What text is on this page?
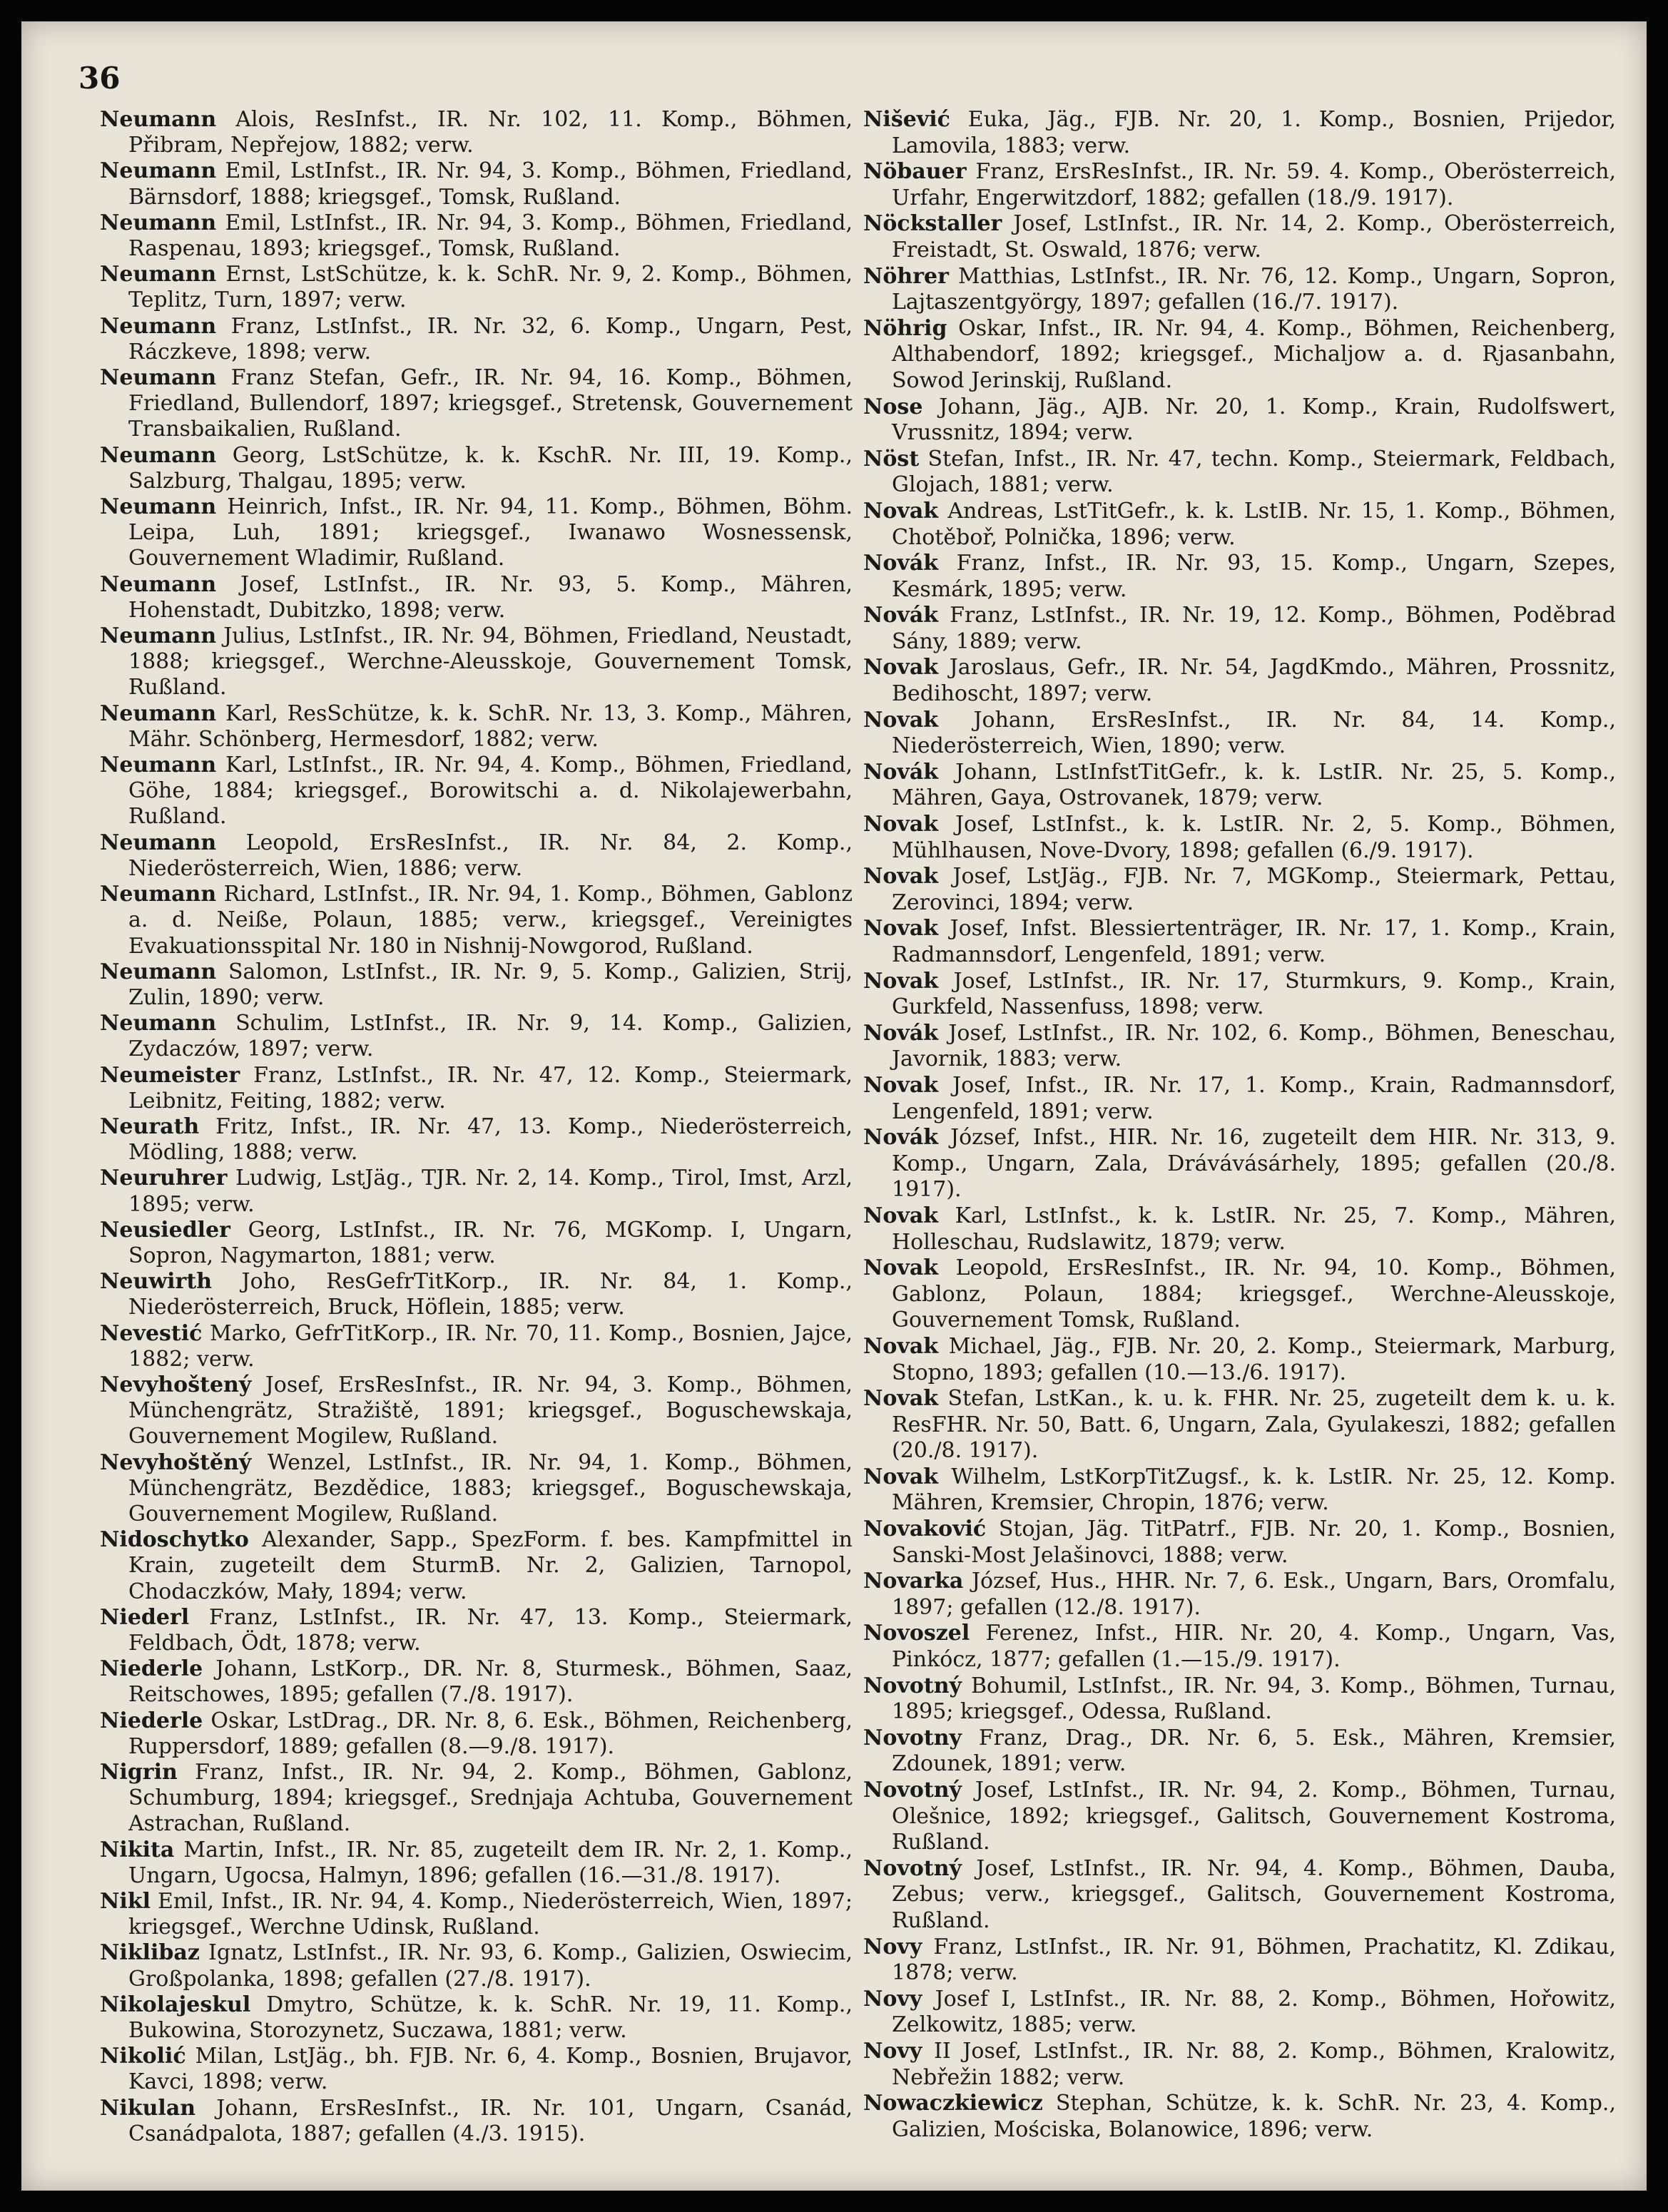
36

Neumann Alois, ResInfst., IR. Nr. 102, 11. Komp., Böhmen, Přibram, Nepřejow, 1882; verw.

Neumann Emil, LstInfst., IR. Nr. 94, 3. Komp., Böhmen, Friedland, Bärnsdorf, 1888; kriegsgef., Tomsk, Rußland.

Neumann Emil, LstInfst., IR. Nr. 94, 3. Komp., Böhmen, Friedland, Raspenau, 1893; kriegsgef., Tomsk, Rußland.

Neumann Ernst, LstSchütze, k. k. SchR. Nr. 9, 2. Komp., Böhmen, Teplitz, Turn, 1897; verw.

Neumann Franz, LstInfst., IR. Nr. 32, 6. Komp., Ungarn, Pest, Ráczkeve, 1898; verw.

Neumann Franz Stefan, Gefr., IR. Nr. 94, 16. Komp., Böhmen, Friedland, Bullendorf, 1897; kriegsgef., Stretensk, Gouvernement Transbaikalien, Rußland.

Neumann Georg, LstSchütze, k. k. KschR. Nr. III, 19. Komp., Salzburg, Thalgau, 1895; verw.

Neumann Heinrich, Infst., IR. Nr. 94, 11. Komp., Böhmen, Böhm. Leipa, Luh, 1891; kriegsgef., Iwanawo Wosnessensk, Gouvernement Wladimir, Rußland.

Neumann Josef, LstInfst., IR. Nr. 93, 5. Komp., Mähren, Hohenstadt, Dubitzko, 1898; verw.

Neumann Julius, LstInfst., IR. Nr. 94, Böhmen, Friedland, Neustadt, 1888; kriegsgef., Werchne-Aleusskoje, Gouvernement Tomsk, Rußland.

Neumann Karl, ResSchütze, k. k. SchR. Nr. 13, 3. Komp., Mähren, Mähr. Schönberg, Hermesdorf, 1882; verw.

Neumann Karl, LstInfst., IR. Nr. 94, 4. Komp., Böhmen, Friedland, Göhe, 1884; kriegsgef., Borowitschi a. d. Nikolajewerbahn, Rußland.

Neumann Leopold, ErsResInfst., IR. Nr. 84, 2. Komp., Niederösterreich, Wien, 1886; verw.

Neumann Richard, LstInfst., IR. Nr. 94, 1. Komp., Böhmen, Gablonz a. d. Neiße, Polaun, 1885; verw., kriegsgef., Vereinigtes Evakuationsspital Nr. 180 in Nishnij-Nowgorod, Rußland.

Neumann Salomon, LstInfst., IR. Nr. 9, 5. Komp., Galizien, Strij, Zulin, 1890; verw.

Neumann Schulim, LstInfst., IR. Nr. 9, 14. Komp., Galizien, Zydaczów, 1897; verw.

Neumeister Franz, LstInfst., IR. Nr. 47, 12. Komp., Steiermark, Leibnitz, Feiting, 1882; verw.

Neurath Fritz, Infst., IR. Nr. 47, 13. Komp., Niederösterreich, Mödling, 1888; verw.

Neuruhrer Ludwig, LstJäg., TJR. Nr. 2, 14. Komp., Tirol, Imst, Arzl, 1895; verw.

Neusiedler Georg, LstInfst., IR. Nr. 76, MGKomp. I, Ungarn, Sopron, Nagymarton, 1881; verw.

Neuwirth Joho, ResGefrTitKorp., IR. Nr. 84, 1. Komp., Niederösterreich, Bruck, Höflein, 1885; verw.

Nevestić Marko, GefrTitKorp., IR. Nr. 70, 11. Komp., Bosnien, Jajce, 1882; verw.

Nevyhoštený Josef, ErsResInfst., IR. Nr. 94, 3. Komp., Böhmen, Münchengrätz, Stražiště, 1891; kriegsgef., Boguschewskaja, Gouvernement Mogilew, Rußland.

Nevyhoštěný Wenzel, LstInfst., IR. Nr. 94, 1. Komp., Böhmen, Münchengrätz, Bezdědice, 1883; kriegsgef., Boguschewskaja, Gouvernement Mogilew, Rußland.

Nidoschytko Alexander, Sapp., SpezForm. f. bes. Kampfmittel in Krain, zugeteilt dem SturmB. Nr. 2, Galizien, Tarnopol, Chodaczków, Mały, 1894; verw.

Niederl Franz, LstInfst., IR. Nr. 47, 13. Komp., Steiermark, Feldbach, Ödt, 1878; verw.

Niederle Johann, LstKorp., DR. Nr. 8, Sturmesk., Böhmen, Saaz, Reitschowes, 1895; gefallen (7./8. 1917).

Niederle Oskar, LstDrag., DR. Nr. 8, 6. Esk., Böhmen, Reichenberg, Ruppersdorf, 1889; gefallen (8.—9./8. 1917).

Nigrin Franz, Infst., IR. Nr. 94, 2. Komp., Böhmen, Gablonz, Schumburg, 1894; kriegsgef., Srednjaja Achtuba, Gouvernement Astrachan, Rußland.

Nikita Martin, Infst., IR. Nr. 85, zugeteilt dem IR. Nr. 2, 1. Komp., Ungarn, Ugocsa, Halmyn, 1896; gefallen (16.—31./8. 1917).

Nikl Emil, Infst., IR. Nr. 94, 4. Komp., Niederösterreich, Wien, 1897; kriegsgef., Werchne Udinsk, Rußland.

Niklibaz Ignatz, LstInfst., IR. Nr. 93, 6. Komp., Galizien, Oswiecim, Großpolanka, 1898; gefallen (27./8. 1917).

Nikolajeskul Dmytro, Schütze, k. k. SchR. Nr. 19, 11. Komp., Bukowina, Storozynetz, Suczawa, 1881; verw.

Nikolić Milan, LstJäg., bh. FJB. Nr. 6, 4. Komp., Bosnien, Brujavor, Kavci, 1898; verw.

Nikulan Johann, ErsResInfst., IR. Nr. 101, Ungarn, Csanád, Csanádpalota, 1887; gefallen (4./3. 1915).

Nišević Euka, Jäg., FJB. Nr. 20, 1. Komp., Bosnien, Prijedor, Lamovila, 1883; verw.

Nöbauer Franz, ErsResInfst., IR. Nr. 59. 4. Komp., Oberösterreich, Urfahr, Engerwitzdorf, 1882; gefallen (18./9. 1917).

Nöckstaller Josef, LstInfst., IR. Nr. 14, 2. Komp., Oberösterreich, Freistadt, St. Oswald, 1876; verw.

Nöhrer Matthias, LstInfst., IR. Nr. 76, 12. Komp., Ungarn, Sopron, Lajtaszentgyörgy, 1897; gefallen (16./7. 1917).

Nöhrig Oskar, Infst., IR. Nr. 94, 4. Komp., Böhmen, Reichenberg, Althabendorf, 1892; kriegsgef., Michaljow a. d. Rjasanbahn, Sowod Jerinskij, Rußland.

Nose Johann, Jäg., AJB. Nr. 20, 1. Komp., Krain, Rudolfswert, Vrussnitz, 1894; verw.

Nöst Stefan, Infst., IR. Nr. 47, techn. Komp., Steiermark, Feldbach, Glojach, 1881; verw.

Novak Andreas, LstTitGefr., k. k. LstIB. Nr. 15, 1. Komp., Böhmen, Chotěboř, Polnička, 1896; verw.

Novák Franz, Infst., IR. Nr. 93, 15. Komp., Ungarn, Szepes, Kesmárk, 1895; verw.

Novák Franz, LstInfst., IR. Nr. 19, 12. Komp., Böhmen, Poděbrad Sány, 1889; verw.

Novak Jaroslaus, Gefr., IR. Nr. 54, JagdKmdo., Mähren, Prossnitz, Bedihoscht, 1897; verw.

Novak Johann, ErsResInfst., IR. Nr. 84, 14. Komp., Niederösterreich, Wien, 1890; verw.

Novák Johann, LstInfstTitGefr., k. k. LstIR. Nr. 25, 5. Komp., Mähren, Gaya, Ostrovanek, 1879; verw.

Novak Josef, LstInfst., k. k. LstIR. Nr. 2, 5. Komp., Böhmen, Mühlhausen, Nove-Dvory, 1898; gefallen (6./9. 1917).

Novak Josef, LstJäg., FJB. Nr. 7, MGKomp., Steiermark, Pettau, Zerovinci, 1894; verw.

Novak Josef, Infst. Blessiertenträger, IR. Nr. 17, 1. Komp., Krain, Radmannsdorf, Lengenfeld, 1891; verw.

Novak Josef, LstInfst., IR. Nr. 17, Sturmkurs, 9. Komp., Krain, Gurkfeld, Nassenfuss, 1898; verw.

Novák Josef, LstInfst., IR. Nr. 102, 6. Komp., Böhmen, Beneschau, Javornik, 1883; verw.

Novak Josef, Infst., IR. Nr. 17, 1. Komp., Krain, Radmannsdorf, Lengenfeld, 1891; verw.

Novák József, Infst., HIR. Nr. 16, zugeteilt dem HIR. Nr. 313, 9. Komp., Ungarn, Zala, Drávávásárhely, 1895; gefallen (20./8. 1917).

Novak Karl, LstInfst., k. k. LstIR. Nr. 25, 7. Komp., Mähren, Holleschau, Rudslawitz, 1879; verw.

Novak Leopold, ErsResInfst., IR. Nr. 94, 10. Komp., Böhmen, Gablonz, Polaun, 1884; kriegsgef., Werchne-Aleusskoje, Gouvernement Tomsk, Rußland.

Novak Michael, Jäg., FJB. Nr. 20, 2. Komp., Steiermark, Marburg, Stopno, 1893; gefallen (10.—13./6. 1917).

Novak Stefan, LstKan., k. u. k. FHR. Nr. 25, zugeteilt dem k. u. k. ResFHR. Nr. 50, Batt. 6, Ungarn, Zala, Gyulakeszi, 1882; gefallen (20./8. 1917).

Novak Wilhelm, LstKorpTitZugsf., k. k. LstIR. Nr. 25, 12. Komp. Mähren, Kremsier, Chropin, 1876; verw.

Novaković Stojan, Jäg. TitPatrf., FJB. Nr. 20, 1. Komp., Bosnien, Sanski-Most Jelašinovci, 1888; verw.

Novarka József, Hus., HHR. Nr. 7, 6. Esk., Ungarn, Bars, Oromfalu, 1897; gefallen (12./8. 1917).

Novoszel Ferenez, Infst., HIR. Nr. 20, 4. Komp., Ungarn, Vas, Pinkócz, 1877; gefallen (1.—15./9. 1917).

Novotný Bohumil, LstInfst., IR. Nr. 94, 3. Komp., Böhmen, Turnau, 1895; kriegsgef., Odessa, Rußland.

Novotny Franz, Drag., DR. Nr. 6, 5. Esk., Mähren, Kremsier, Zdounek, 1891; verw.

Novotný Josef, LstInfst., IR. Nr. 94, 2. Komp., Böhmen, Turnau, Olešnice, 1892; kriegsgef., Galitsch, Gouvernement Kostroma, Rußland.

Novotný Josef, LstInfst., IR. Nr. 94, 4. Komp., Böhmen, Dauba, Zebus; verw., kriegsgef., Galitsch, Gouvernement Kostroma, Rußland.

Novy Franz, LstInfst., IR. Nr. 91, Böhmen, Prachatitz, Kl. Zdikau, 1878; verw.

Novy Josef I, LstInfst., IR. Nr. 88, 2. Komp., Böhmen, Hořowitz, Zelkowitz, 1885; verw.

Novy II Josef, LstInfst., IR. Nr. 88, 2. Komp., Böhmen, Kralowitz, Nebřežin 1882; verw.

Nowaczkiewicz Stephan, Schütze, k. k. SchR. Nr. 23, 4. Komp., Galizien, Mościska, Bolanowice, 1896; verw.
